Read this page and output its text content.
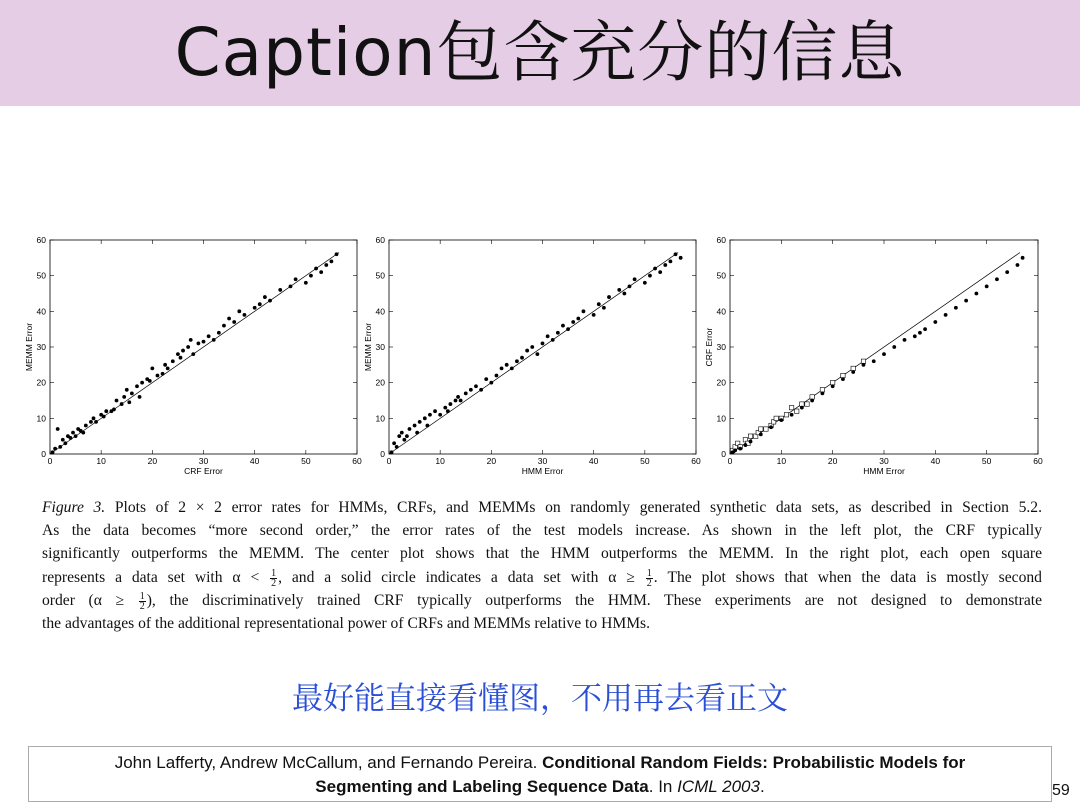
Caption包含充分的信息
0	10	20	30	40	50	60
0
10
20
30
40
50
60
CRF Error
MEMM Error
0	10	20	30	40	50	60
0
10
20
30
40
50
60
HMM Error
MEMM Error
0	10	20	30	40	50	60
0
10
20
30
40
50
60
HMM Error
CRF Error
Figure 3. Plots of 2 × 2 error rates for HMMs, CRFs, and MEMMs on randomly generated synthetic data sets, as described in Section 5.2.
As the data becomes “more second order,” the error rates of the test models increase. As shown in the left plot, the CRF typically
significantly outperforms the MEMM. The center plot shows that the HMM outperforms the MEMM. In the right plot, each open square
represents a data set with $\alpha < \frac{1}{2}$ , and a solid circle indicates a data set with $\alpha \ge \frac{1}{2}$ . The plot shows that when the data is mostly second
order ($\alpha \ge \frac{1}{2}$ ), the discriminatively trained CRF typically outperforms the HMM. These experiments are not designed to demonstrate
the advantages of the additional representational power of CRFs and MEMMs relative to HMMs.
最好能直接看懂图，不用再去看正文
John Lafferty, Andrew McCallum, and Fernando Pereira. Conditional Random Fields: Probabilistic Models for
Segmenting and Labeling Sequence Data. In ICML 2003.	59
